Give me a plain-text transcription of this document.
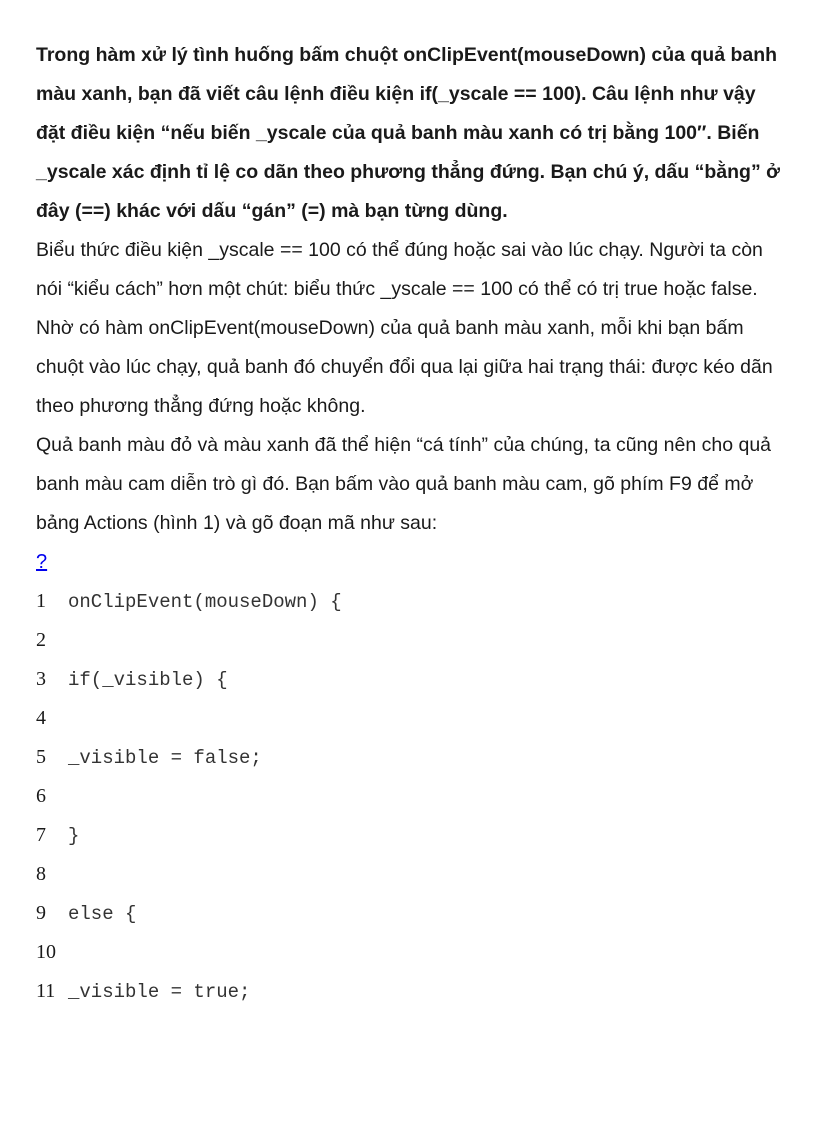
Trong hàm xử lý tình huống bấm chuột onClipEvent(mouseDown) của quả banh màu xanh, bạn đã viết câu lệnh điều kiện if(_yscale == 100). Câu lệnh như vậy đặt điều kiện “nếu biến _yscale của quả banh màu xanh có trị bằng 100″. Biến _yscale xác định tỉ lệ co dãn theo phương thẳng đứng. Bạn chú ý, dấu “bằng” ở đây (==) khác với dấu “gán” (=) mà bạn từng dùng.

Biểu thức điều kiện _yscale == 100 có thể đúng hoặc sai vào lúc chạy. Người ta còn nói “kiểu cách” hơn một chút: biểu thức _yscale == 100 có thể có trị true hoặc false. Nhờ có hàm onClipEvent(mouseDown) của quả banh màu xanh, mỗi khi bạn bấm chuột vào lúc chạy, quả banh đó chuyển đổi qua lại giữa hai trạng thái: được kéo dãn theo phương thẳng đứng hoặc không.

Quả banh màu đỏ và màu xanh đã thể hiện “cá tính” của chúng, ta cũng nên cho quả banh màu cam diễn trò gì đó. Bạn bấm vào quả banh màu cam, gõ phím F9 để mở bảng Actions (hình 1) và gõ đoạn mã như sau:

?
1	onClipEvent(mouseDown) {
2
3	if(_visible) {
4
5	_visible = false;
6
7	}
8
9	else {
10
11 _visible = true;
